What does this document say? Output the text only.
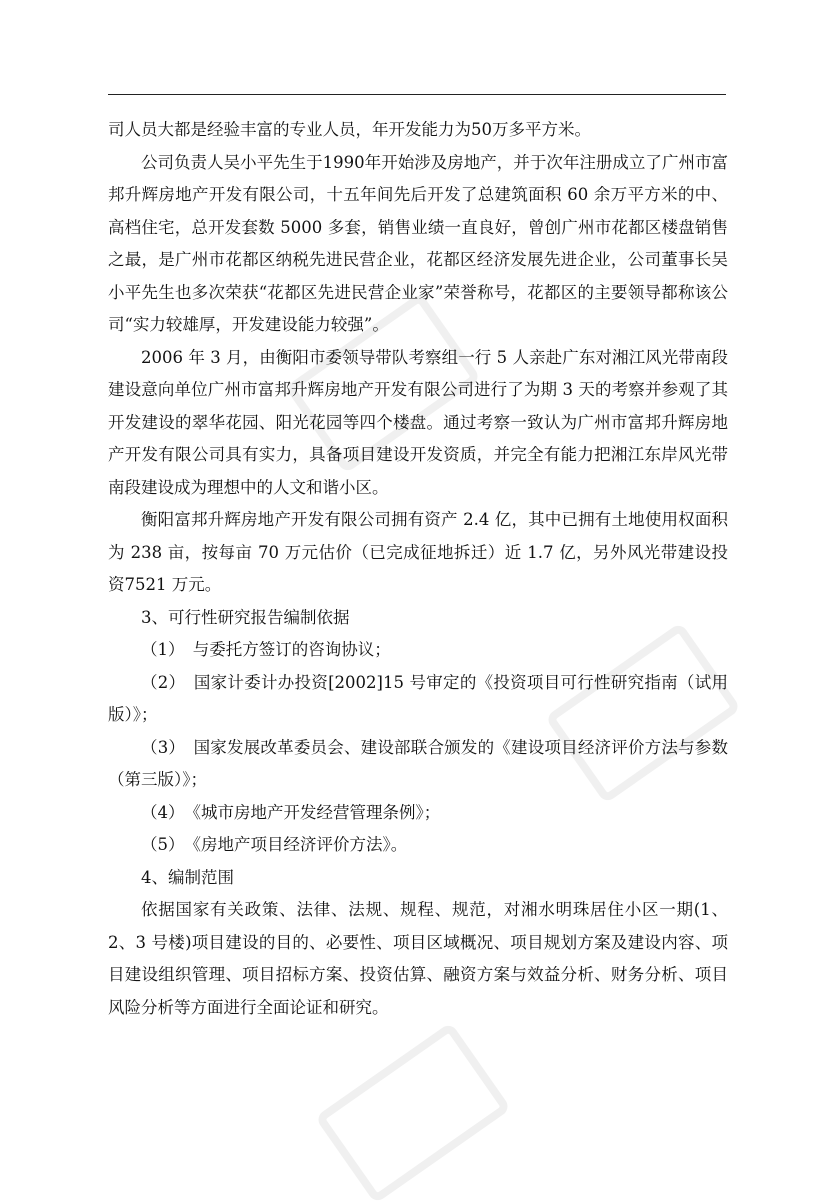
司人员大都是经验丰富的专业人员，年开发能力为50万多平方米。

公司负责人吴小平先生于1990年开始涉及房地产，并于次年注册成立了广州市富邦升辉房地产开发有限公司，十五年间先后开发了总建筑面积 60 余万平方米的中、高档住宅，总开发套数 5000 多套，销售业绩一直良好，曾创广州市花都区楼盘销售之最，是广州市花都区纳税先进民营企业，花都区经济发展先进企业，公司董事长吴小平先生也多次荣获“花都区先进民营企业家”荣誉称号，花都区的主要领导都称该公司“实力较雄厚，开发建设能力较强”。

2006 年 3 月，由衡阳市委领导带队考察组一行 5 人亲赴广东对湘江风光带南段建设意向单位广州市富邦升辉房地产开发有限公司进行了为期 3 天的考察并参观了其开发建设的翠华花园、阳光花园等四个楼盘。通过考察一致认为广州市富邦升辉房地产开发有限公司具有实力，具备项目建设开发资质，并完全有能力把湘江东岸风光带南段建设成为理想中的人文和谐小区。

衡阳富邦升辉房地产开发有限公司拥有资产 2.4 亿，其中已拥有土地使用权面积为 238 亩，按每亩 70 万元估价（已完成征地拆迁）近 1.7 亿，另外风光带建设投资7521 万元。

3、可行性研究报告编制依据

（1）　与委托方签订的咨询协议；

（2）　国家计委计办投资[2002]15 号审定的《投资项目可行性研究指南（试用版）》；

（3）　国家发展改革委员会、建设部联合颁发的《建设项目经济评价方法与参数（第三版）》；

（4）　《城市房地产开发经营管理条例》；

（5）　《房地产项目经济评价方法》。

4、编制范围

依据国家有关政策、法律、法规、规程、规范，对湘水明珠居住小区一期(1、2、3 号楼)项目建设的目的、必要性、项目区域概况、项目规划方案及建设内容、项目建设组织管理、项目招标方案、投资估算、融资方案与效益分析、财务分析、项目风险分析等方面进行全面论证和研究。
